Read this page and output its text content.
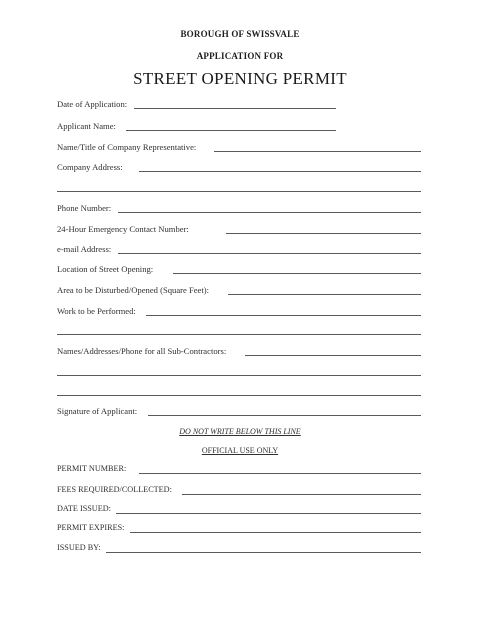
BOROUGH OF SWISSVALE
APPLICATION FOR
STREET OPENING PERMIT
Date of Application:
Applicant Name:
Name/Title of Company Representative:
Company Address:
Phone Number:
24-Hour Emergency Contact Number:
e-mail Address:
Location of Street Opening:
Area to be Disturbed/Opened (Square Feet):
Work to be Performed:
Names/Addresses/Phone for all Sub-Contractors:
Signature of Applicant:
DO NOT WRITE BELOW THIS LINE
OFFICIAL USE ONLY
PERMIT NUMBER:
FEES REQUIRED/COLLECTED:
DATE ISSUED:
PERMIT EXPIRES:
ISSUED BY:
